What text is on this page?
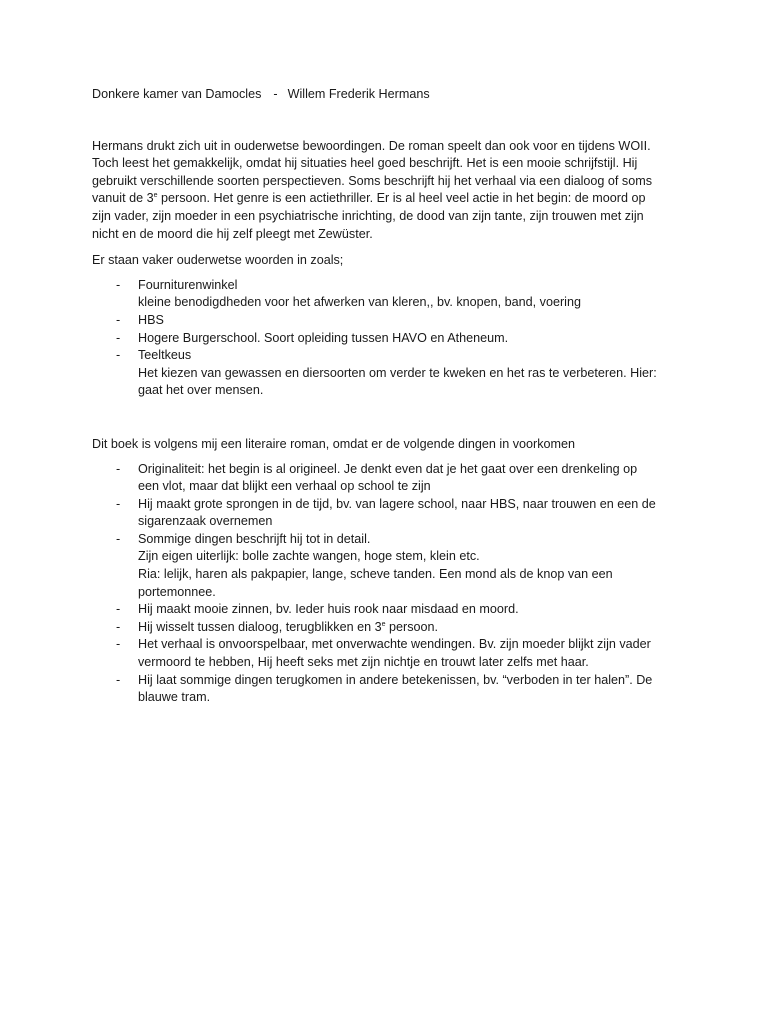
Donkere kamer van Damocles - Willem Frederik Hermans

Hermans drukt zich uit in ouderwetse bewoordingen. De roman speelt dan ook voor en tijdens WOII.
Toch leest het gemakkelijk, omdat hij situaties heel goed beschrijft. Het is een mooie schrijfstijl. Hij
gebruikt verschillende soorten perspectieven. Soms beschrijft hij het verhaal via een dialoog of soms
vanuit de 3e persoon. Het genre is een actiethriller. Er is al heel veel actie in het begin: de moord op
zijn vader, zijn moeder in een psychiatrische inrichting, de dood van zijn tante, zijn trouwen met zijn
nicht en de moord die hij zelf pleegt met Zewüster.

Er staan vaker ouderwetse woorden in zoals;

- Fourniturenwinkel
kleine benodigdheden voor het afwerken van kleren,, bv. knopen, band, voering
- HBS
- Hogere Burgerschool. Soort opleiding tussen HAVO en Atheneum.
- Teeltkeus
Het kiezen van gewassen en diersoorten om verder te kweken en het ras te verbeteren. Hier:
gaat het over mensen.

Dit boek is volgens mij een literaire roman, omdat er de volgende dingen in voorkomen

- Originaliteit: het begin is al origineel. Je denkt even dat je het gaat over een drenkeling op
een vlot, maar dat blijkt een verhaal op school te zijn
- Hij maakt grote sprongen in de tijd, bv. van lagere school, naar HBS, naar trouwen en een de
sigarenzaak overnemen
- Sommige dingen beschrijft hij tot in detail.
Zijn eigen uiterlijk: bolle zachte wangen, hoge stem, klein etc.
Ria: lelijk, haren als pakpapier, lange, scheve tanden. Een mond als de knop van een
portemonnee.
- Hij maakt mooie zinnen, bv. Ieder huis rook naar misdaad en moord.
- Hij wisselt tussen dialoog, terugblikken en 3e persoon.
- Het verhaal is onvoorspelbaar, met onverwachte wendingen. Bv. zijn moeder blijkt zijn vader
vermoord te hebben, Hij heeft seks met zijn nichtje en trouwt later zelfs met haar.
- Hij laat sommige dingen terugkomen in andere betekenissen, bv. “verboden in ter halen”. De
blauwe tram.
